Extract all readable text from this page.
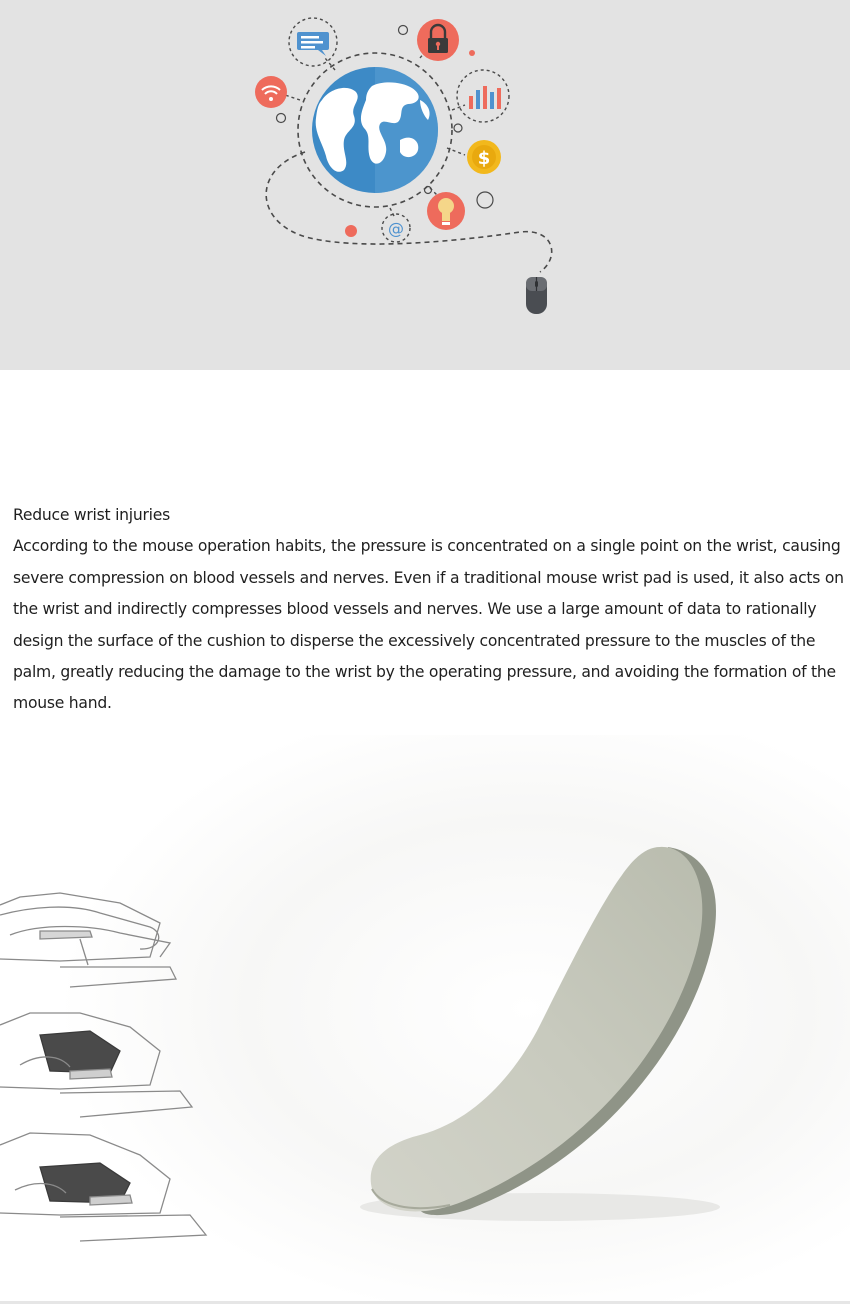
$
@

Reduce wrist injuries

According to the mouse operation habits, the pressure is concentrated on a single point on the wrist, causing severe compression on blood vessels and nerves. Even if a traditional mouse wrist pad is used, it also acts on the wrist and indirectly compresses blood vessels and nerves. We use a large amount of data to rationally design the surface of the cushion to disperse the excessively concentrated pressure to the muscles of the palm, greatly reducing the damage to the wrist by the operating pressure, and avoiding the formation of the mouse hand.
